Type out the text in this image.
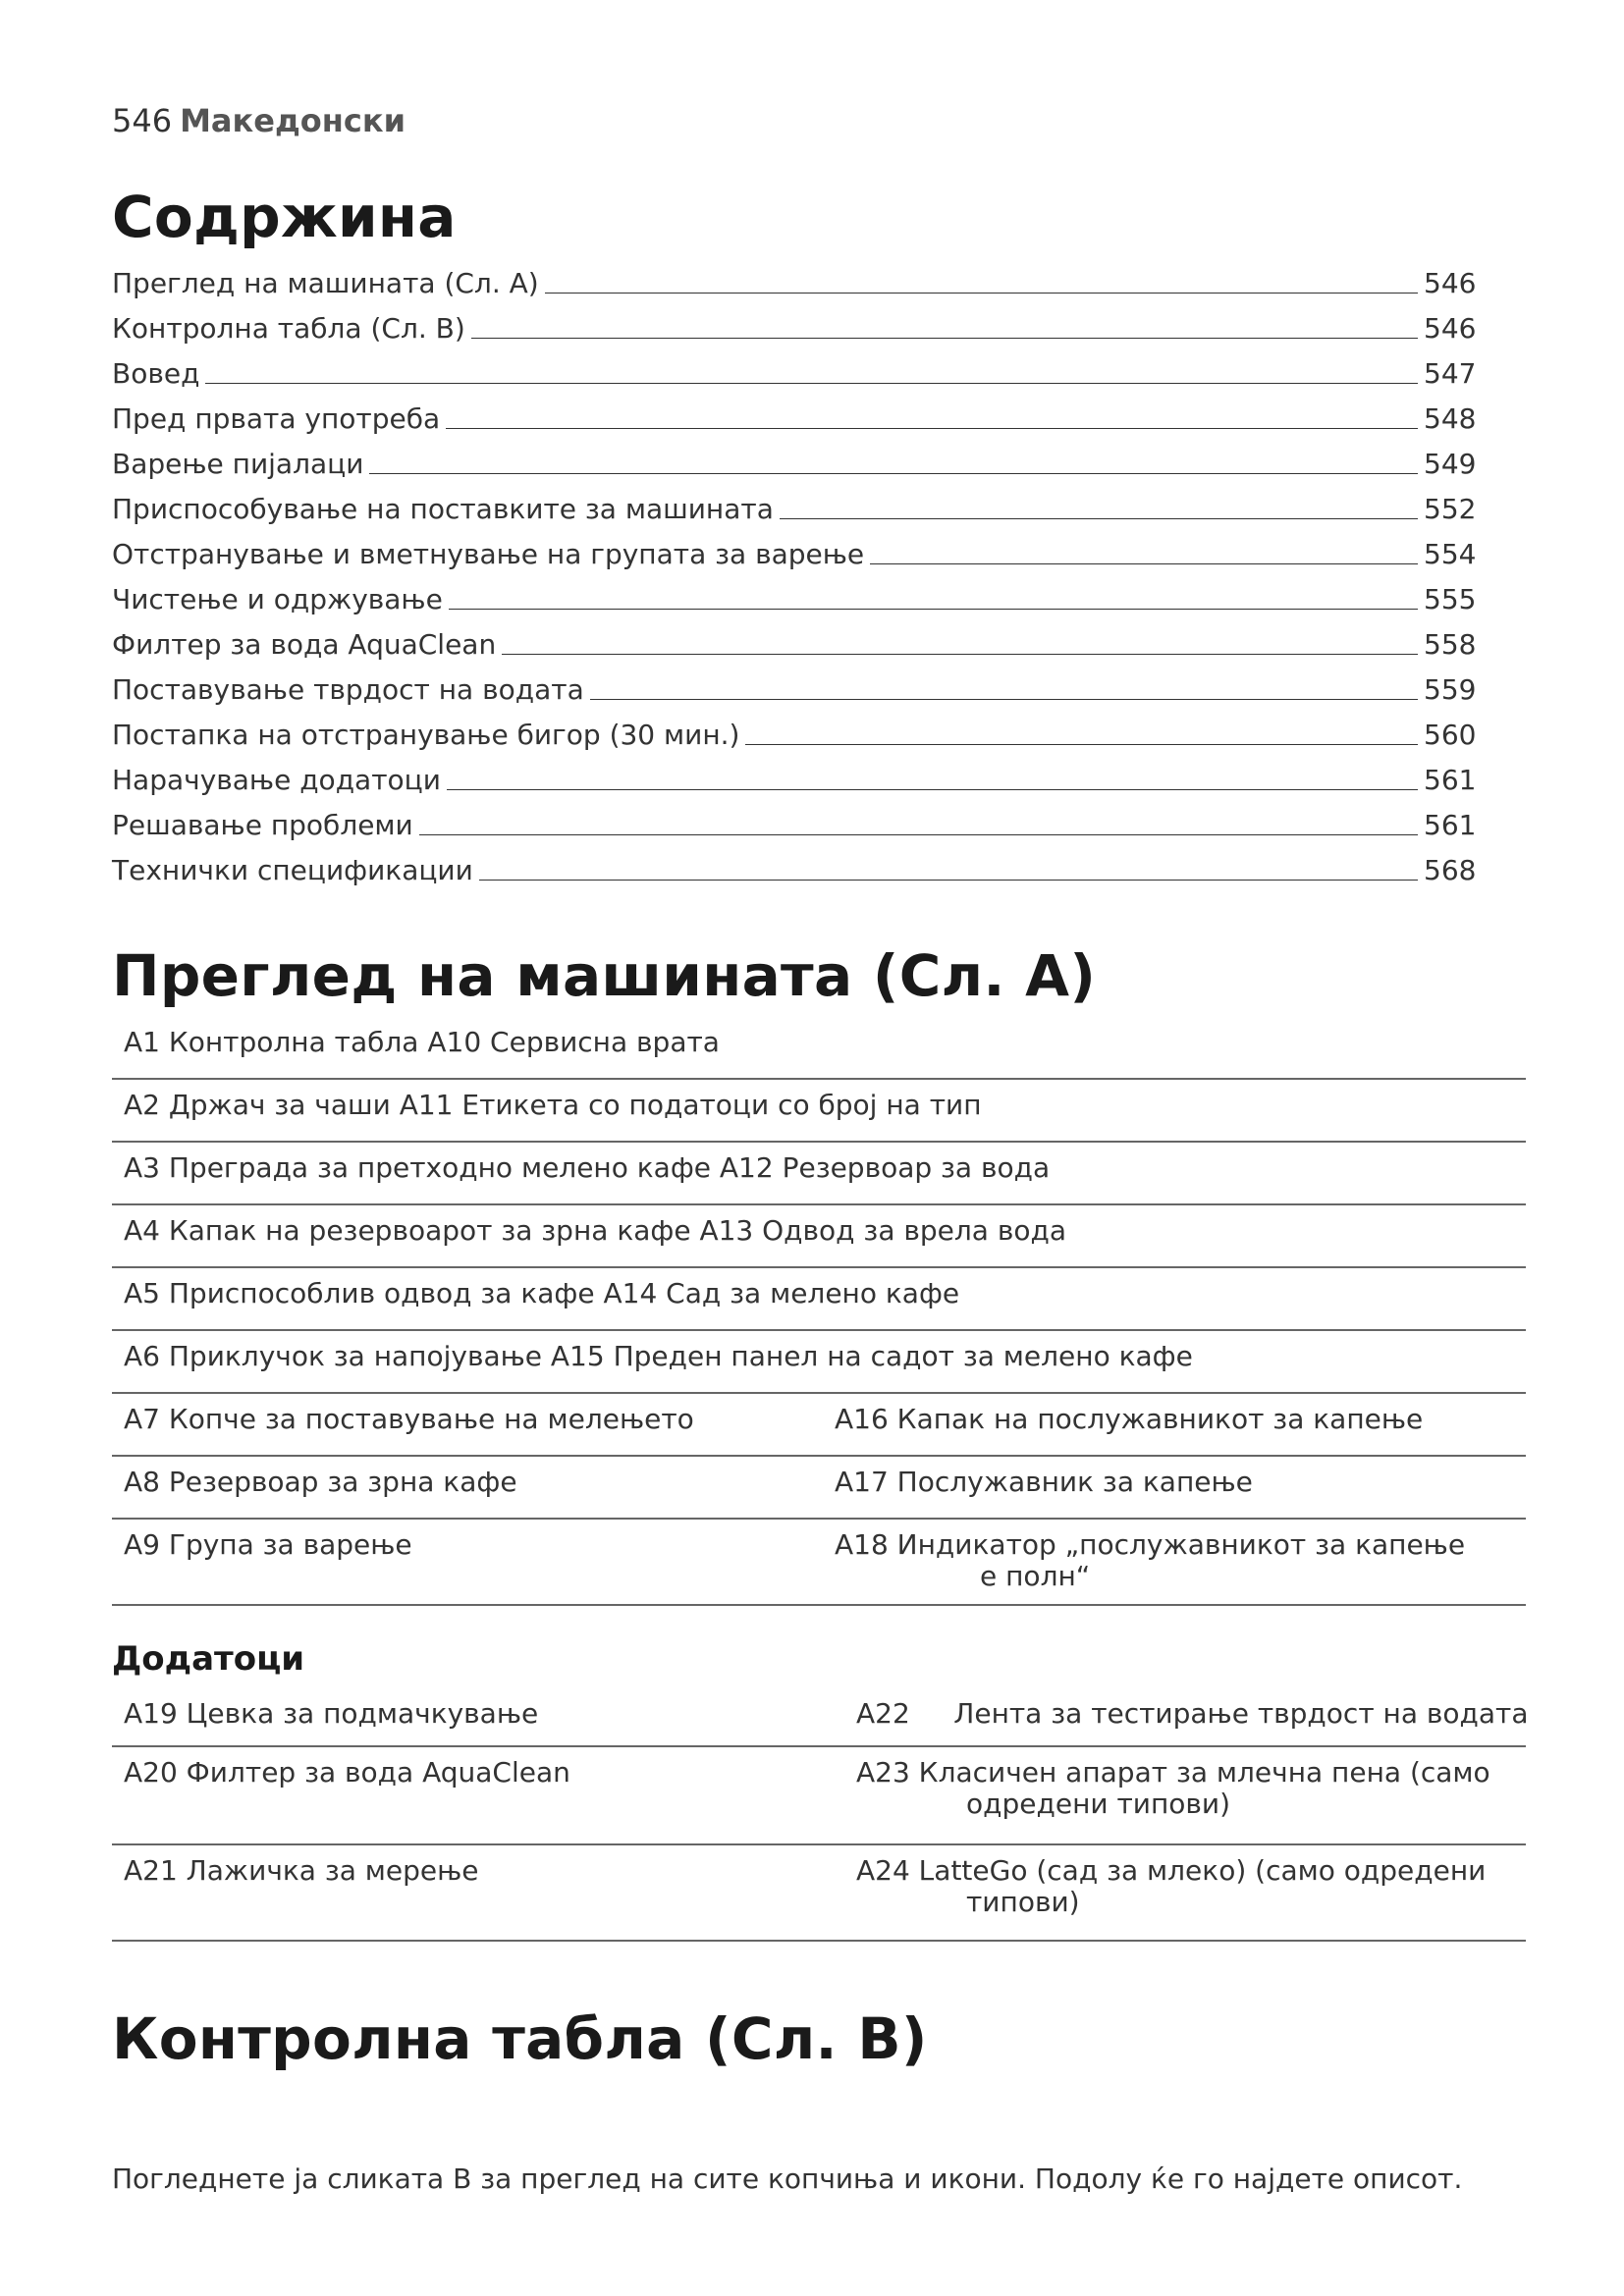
546 Македонски
Содржина
Преглед на машината (Сл. A)	546
Контролна табла (Сл. B)	546
Вовед	547
Пред првата употреба	548
Варење пијалаци	549
Приспособување на поставките за машината	552
Отстранување и вметнување на групата за варење	554
Чистење и одржување	555
Филтер за вода AquaClean	558
Поставување тврдост на водата	559
Постапка на отстранување бигор (30 мин.)	560
Нарачување додатоци	561
Решавање проблеми	561
Технички спецификации	568
Преглед на машината (Сл. A)
A1 Контролна табла A10 Сервисна врата
A2 Држач за чаши A11 Етикета со податоци со број на тип
A3 Преграда за претходно мелено кафе A12 Резервоар за вода
A4 Капак на резервоарот за зрна кафе A13 Одвод за врела вода
A5 Приспособлив одвод за кафе A14 Сад за мелено кафе
A6 Приклучок за напојување A15 Преден панел на садот за мелено кафе
A7 Копче за поставување на мелењето	A16 Капак на послужавникот за капење
A8 Резервоар за зрна кафе	A17 Послужавник за капење
A9 Група за варење	A18 Индикатор „послужавникот за капење
е полн“
Додатоци
A19 Цевка за подмачкување	A22     Лента за тестирање тврдост на водата
A20 Филтер за вода AquaClean	A23 Класичен апарат за млечна пена (само
одредени типови)
A21 Лажичка за мерење	A24 LatteGo (сад за млеко) (само одредени
типови)
Контролна табла (Сл. B)
Погледнете ја сликата B за преглед на сите копчиња и икони. Подолу ќе го најдете описот.
